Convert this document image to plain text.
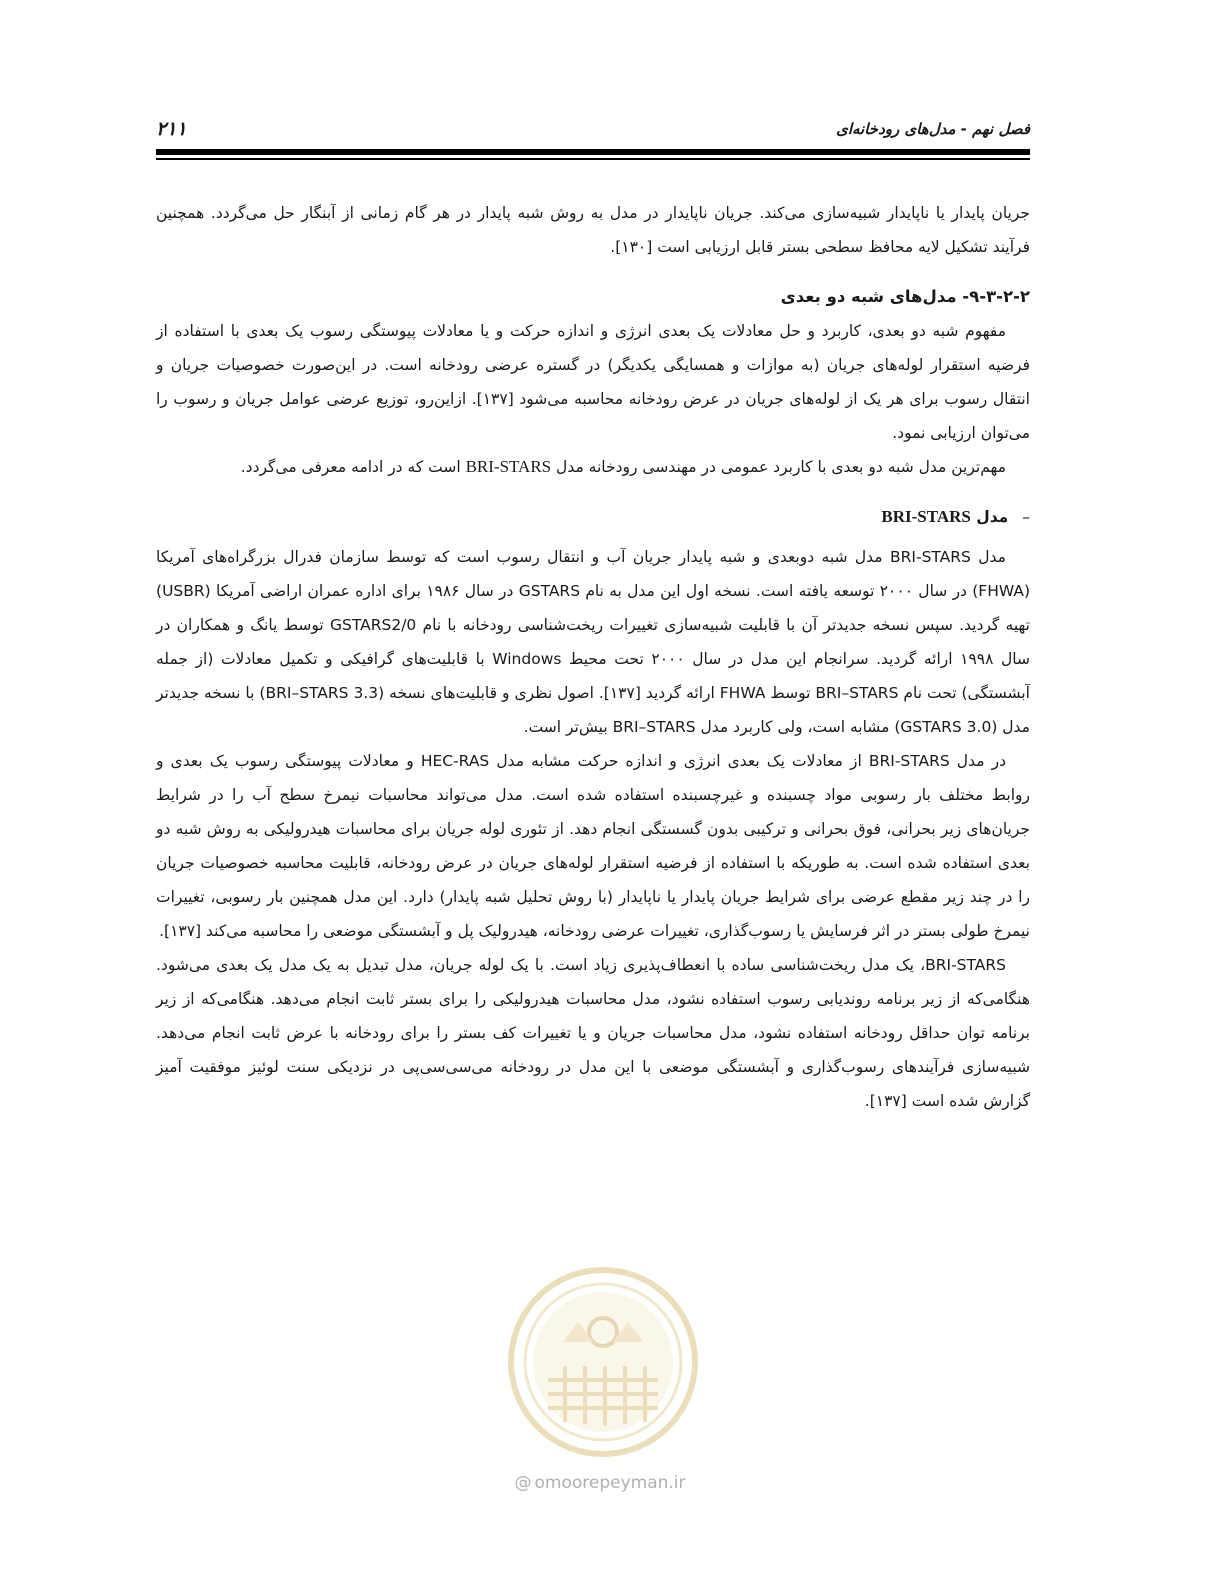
فصل نهم - مدل‌های رودخانه‌ای
۲۱۱

جریان پایدار یا ناپایدار شبیه‌سازی می‌کند. جریان ناپایدار در مدل به روش شبه پایدار در هر گام زمانی از آبنگار حل می‌گردد. همچنین فرآیند تشکیل لایه محافظ سطحی بستر قابل ارزیابی است [۱۳۰].

۹-۳-۲-۲- مدل‌های شبه دو بعدی

مفهوم شبه دو بعدی، کاربرد و حل معادلات یک بعدی انرژی و اندازه حرکت و یا معادلات پیوستگی رسوب یک بعدی با استفاده از فرضیه استقرار لوله‌های جریان (به موازات و همسایگی یکدیگر) در گستره عرضی رودخانه است. در این‌صورت خصوصیات جریان و انتقال رسوب برای هر یک از لوله‌های جریان در عرض رودخانه محاسبه می‌شود [۱۳۷]. ازاین‌رو، توزیع عرضی عوامل جریان و رسوب را می‌توان ارزیابی نمود.

مهم‌ترین مدل شبه دو بعدی با کاربرد عمومی در مهندسی رودخانه مدل BRI-STARS است که در ادامه معرفی می‌گردد.

–مدل BRI-STARS

مدل BRI-STARS مدل شبه دوبعدی و شبه پایدار جریان آب و انتقال رسوب است که توسط سازمان فدرال بزرگراه‌های آمریکا (FHWA) در سال ۲۰۰۰ توسعه یافته است. نسخه اول این مدل به نام GSTARS در سال ۱۹۸۶ برای اداره عمران اراضی آمریکا (USBR) تهیه گردید. سپس نسخه جدیدتر آن با قابلیت شبیه‌سازی تغییرات ریخت‌شناسی رودخانه با نام GSTARS2/0 توسط یانگ و همکاران در سال ۱۹۹۸ ارائه گردید. سرانجام این مدل در سال ۲۰۰۰ تحت محیط Windows با قابلیت‌های گرافیکی و تکمیل معادلات (از جمله آبشستگی) تحت نام BRI–STARS توسط FHWA ارائه گردید [۱۳۷]. اصول نظری و قابلیت‌های نسخه (BRI–STARS 3.3) با نسخه جدیدتر مدل (GSTARS 3.0) مشابه است، ولی کاربرد مدل BRI–STARS بیش‌تر است.

در مدل BRI-STARS از معادلات یک بعدی انرژی و اندازه حرکت مشابه مدل HEC-RAS و معادلات پیوستگی رسوب یک بعدی و روابط مختلف بار رسوبی مواد چسبنده و غیرچسبنده استفاده شده است. مدل می‌تواند محاسبات نیمرخ سطح آب را در شرایط جریان‌های زیر بحرانی، فوق بحرانی و ترکیبی بدون گسستگی انجام دهد. از تئوری لوله جریان برای محاسبات هیدرولیکی به روش شبه دو بعدی استفاده شده است. به طوریکه با استفاده از فرضیه استقرار لوله‌های جریان در عرض رودخانه، قابلیت محاسبه خصوصیات جریان را در چند زیر مقطع عرضی برای شرایط جریان پایدار یا ناپایدار (با روش تحلیل شبه پایدار) دارد. این مدل همچنین بار رسوبی، تغییرات نیمرخ طولی بستر در اثر فرسایش یا رسوب‌گذاری، تغییرات عرضی رودخانه، هیدرولیک پل و آبشستگی موضعی را محاسبه می‌کند [۱۳۷].

BRI-STARS، یک مدل ریخت‌شناسی ساده با انعطاف‌پذیری زیاد است. با یک لوله جریان، مدل تبدیل به یک مدل یک بعدی می‌شود. هنگامی‌که از زیر برنامه روندیابی رسوب استفاده نشود، مدل محاسبات هیدرولیکی را برای بستر ثابت انجام می‌دهد. هنگامی‌که از زیر برنامه توان حداقل رودخانه استفاده نشود، مدل محاسبات جریان و یا تغییرات کف بستر را برای رودخانه با عرض ثابت انجام می‌دهد. شبیه‌سازی فرآیندهای رسوب‌گذاری و آبشستگی موضعی با این مدل در رودخانه می‌سی‌سی‌پی در نزدیکی سنت لوئیز موفقیت آمیز گزارش شده است [۱۳۷].

@ omoorepeyman.ir
